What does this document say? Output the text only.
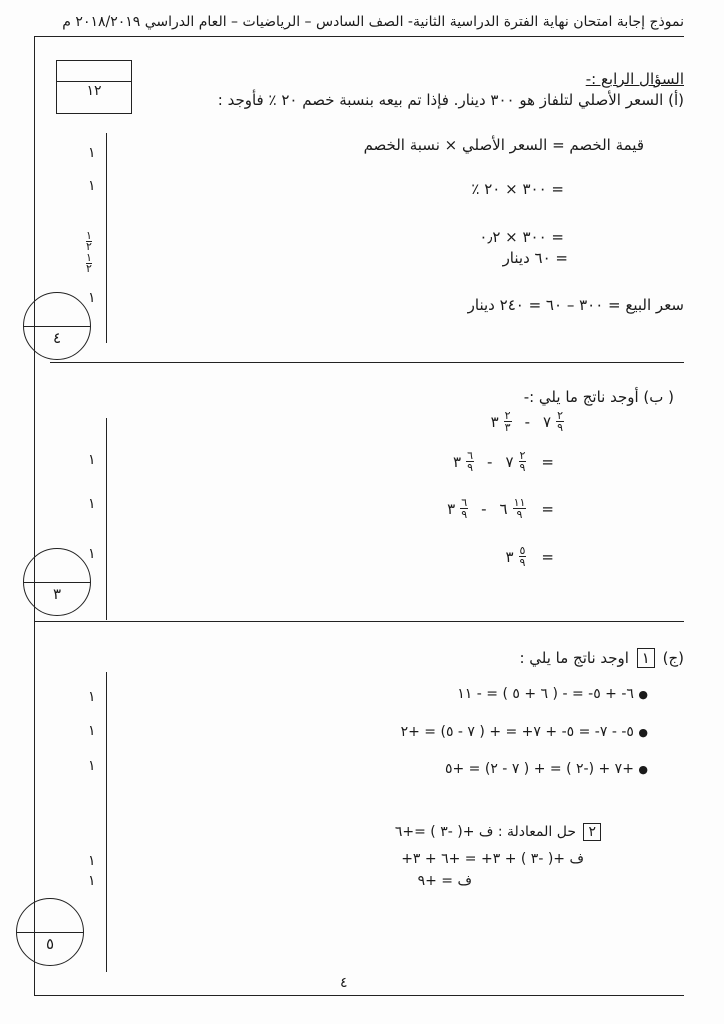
نموذج إجابة امتحان نهاية الفترة الدراسية الثانية- الصف السادس – الرياضيات – العام الدراسي ٢٠١٨/٢٠١٩ م
١٢
السؤال الرابع :-
(أ) السعر الأصلي لتلفاز هو ٣٠٠ دينار. فإذا تم بيعه بنسبة خصم ٢٠ ٪ فأوجد :
١
١
١
٢
١
٢
١
قيمة الخصم = السعر الأصلي × نسبة الخصم
= ٣٠٠ × ٢٠ ٪
= ٣٠٠ × ٠٫٢
= ٦٠ دينار
سعر البيع = ٣٠٠ – ٦٠ = ٢٤٠ دينار
٤
( ب) أوجد ناتج ما يلي :-
١
١
١
٣ $\frac{٢}{٣}$ - ٧ $\frac{٢}{٩}$
٣ $\frac{٦}{٩}$ - ٧ $\frac{٢}{٩}$ =
٣ $\frac{٦}{٩}$ - ٦ $\frac{١١}{٩}$ =
٣ $\frac{٥}{٩}$ =
٣
(ج) ١ اوجد ناتج ما يلي :
١
١
١
١
١
● ٦- + ٥- = - ( ٦ + ٥ ) = - ١١
● ٥- - ٧- = ٥- + ٧+ = + ( ٧ - ٥) = +٢
● +٧ + (-٢ ) = + ( ٧ - ٢) = +٥
٢ حل المعادلة : ف +( -٣ ) =+٦
ف +( -٣ ) + ٣+ = +٦ + ٣+
ف = +٩
٥
٤
